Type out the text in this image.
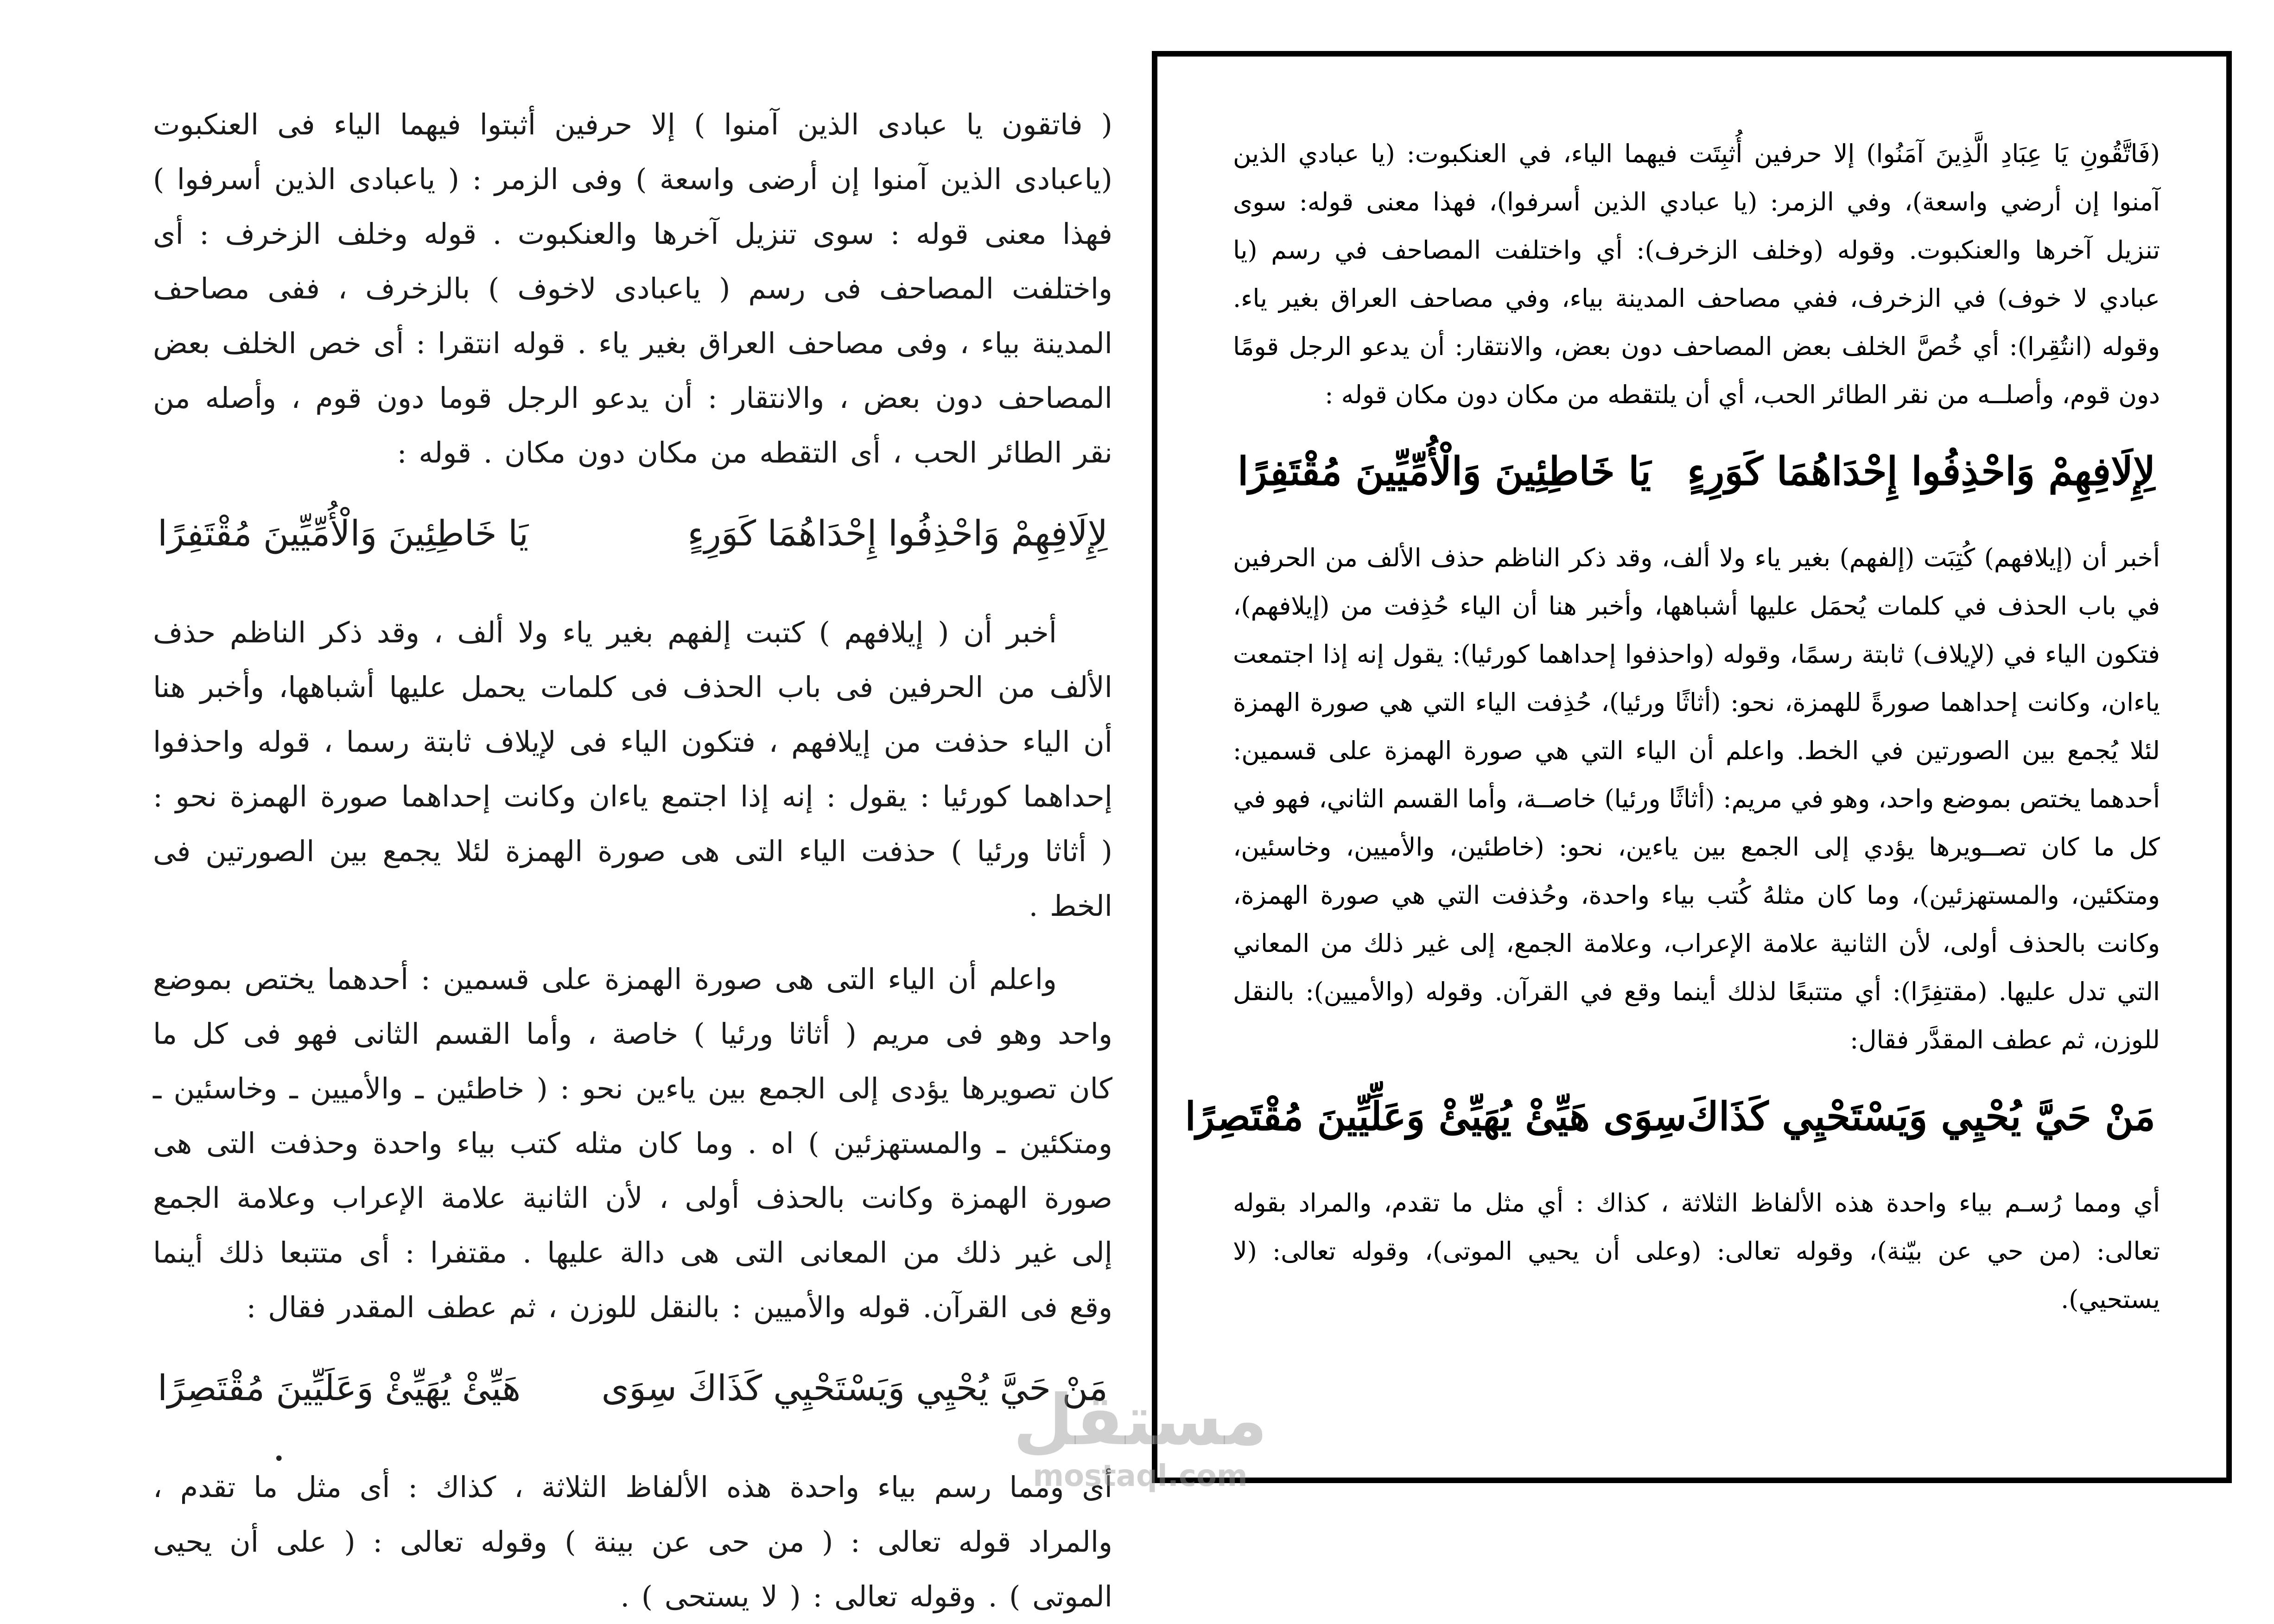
( فاتقون يا عبادى الذين آمنوا ) إلا حرفين أثبتوا فيهما الياء فى العنكبوت (ياعبادى الذين آمنوا إن أرضى واسعة ) وفى الزمر : ( ياعبادى الذين أسرفوا ) فهذا معنى قوله : سوى تنزيل آخرها والعنكبوت . قوله وخلف الزخرف : أى واختلفت المصاحف فى رسم ( ياعبادى لاخوف ) بالزخرف ، ففى مصاحف المدينة بياء ، وفى مصاحف العراق بغير ياء . قوله انتقرا : أى خص الخلف بعض المصاحف دون بعض ، والانتقار : أن يدعو الرجل قوما دون قوم ، وأصله من نقر الطائر الحب ، أى التقطه من مكان دون مكان . قوله :

لِإِلَافِهِمْ وَاحْذِفُوا إِحْدَاهُمَا كَوَرِءٍ
يَا خَاطِئِينَ وَالْأُمِّيِّينَ مُقْتَفِرًا

أخبر أن ( إيلافهم ) كتبت إلفهم بغير ياء ولا ألف ، وقد ذكر الناظم حذف الألف من الحرفين فى باب الحذف فى كلمات يحمل عليها أشباهها، وأخبر هنا أن الياء حذفت من إيلافهم ، فتكون الياء فى لإيلاف ثابتة رسما ، قوله واحذفوا إحداهما كورئيا : يقول : إنه إذا اجتمع ياءان وكانت إحداهما صورة الهمزة نحو : ( أثاثا ورئيا ) حذفت الياء التى هى صورة الهمزة لئلا يجمع بين الصورتين فى الخط .

واعلم أن الياء التى هى صورة الهمزة على قسمين : أحدهما يختص بموضع واحد وهو فى مريم ( أثاثا ورئيا ) خاصة ، وأما القسم الثانى فهو فى كل ما كان تصويرها يؤدى إلى الجمع بين ياءين نحو : ( خاطئين ـ والأميين ـ وخاسئين ـ ومتكئين ـ والمستهزئين ) اه . وما كان مثله كتب بياء واحدة وحذفت التى هى صورة الهمزة وكانت بالحذف أولى ، لأن الثانية علامة الإعراب وعلامة الجمع إلى غير ذلك من المعانى التى هى دالة عليها . مقتفرا : أى متتبعا ذلك أينما وقع فى القرآن. قوله والأميين : بالنقل للوزن ، ثم عطف المقدر فقال :

مَنْ حَيَّ يُحْيِي وَيَسْتَحْيِي كَذَاكَ سِوَى
هَيِّئْ يُهَيِّئْ وَعَلَيِّينَ مُقْتَصِرًا

أى ومما رسم بياء واحدة هذه الألفاظ الثلاثة ، كذاك : أى مثل ما تقدم ، والمراد قوله تعالى : ( من حى عن بينة ) وقوله تعالى : ( على أن يحيى الموتى ) . وقوله تعالى : ( لا يستحى ) .

•

(فَاتَّقُونِ يَا عِبَادِ الَّذِينَ آمَنُوا) إلا حرفين أُثبِتَت فيهما الياء، في العنكبوت: (يا عبادي الذين آمنوا إن أرضي واسعة)، وفي الزمر: (يا عبادي الذين أسرفوا)، فهذا معنى قوله: سوى تنزيل آخرها والعنكبوت. وقوله (وخلف الزخرف): أي واختلفت المصاحف في رسم (يا عبادي لا خوف) في الزخرف، ففي مصاحف المدينة بياء، وفي مصاحف العراق بغير ياء. وقوله (انتُقِرا): أي خُصَّ الخلف بعض المصاحف دون بعض، والانتقار: أن يدعو الرجل قومًا دون قوم، وأصلــه من نقر الطائر الحب، أي أن يلتقطه من مكان دون مكان قوله :

لِإِلَافِهِمْ وَاحْذِفُوا إِحْدَاهُمَا كَوَرِءٍ
يَا خَاطِئِينَ وَالْأُمِّيِّينَ مُقْتَفِرًا

أخبر أن (إيلافهم) كُتِبَت (إلفهم) بغير ياء ولا ألف، وقد ذكر الناظم حذف الألف من الحرفين في باب الحذف في كلمات يُحمَل عليها أشباهها، وأخبر هنا أن الياء حُذِفت من (إيلافهم)، فتكون الياء في (لإيلاف) ثابتة رسمًا، وقوله (واحذفوا إحداهما كورئيا): يقول إنه إذا اجتمعت ياءان، وكانت إحداهما صورةً للهمزة، نحو: (أثاثًا ورئيا)، حُذِفت الياء التي هي صورة الهمزة لئلا يُجمع بين الصورتين في الخط. واعلم أن الياء التي هي صورة الهمزة على قسمين: أحدهما يختص بموضع واحد، وهو في مريم: (أثاثًا ورئيا) خاصــة، وأما القسم الثاني، فهو في كل ما كان تصــويرها يؤدي إلى الجمع بين ياءين، نحو: (خاطئين، والأميين، وخاسئين، ومتكئين، والمستهزئين)، وما كان مثلهُ كُتب بياء واحدة، وحُذفت التي هي صورة الهمزة، وكانت بالحذف أولى، لأن الثانية علامة الإعراب، وعلامة الجمع، إلى غير ذلك من المعاني التي تدل عليها. (مقتفِرًا): أي متتبعًا لذلك أينما وقع في القرآن. وقوله (والأميين): بالنقل للوزن، ثم عطف المقدَّر فقال:

مَنْ حَيَّ يُحْيِي وَيَسْتَحْيِي كَذَاكَ
سِوَى هَيِّئْ يُهَيِّئْ وَعَلِّيِّينَ مُقْتَصِرًا

أي ومما رُسـم بياء واحدة هذه الألفاظ الثلاثة ، كذاك : أي مثل ما تقدم، والمراد بقوله تعالى: (من حي عن بيّنة)، وقوله تعالى: (وعلى أن يحيي الموتى)، وقوله تعالى: (لا يستحيي).

مستقل
mostaql.com
